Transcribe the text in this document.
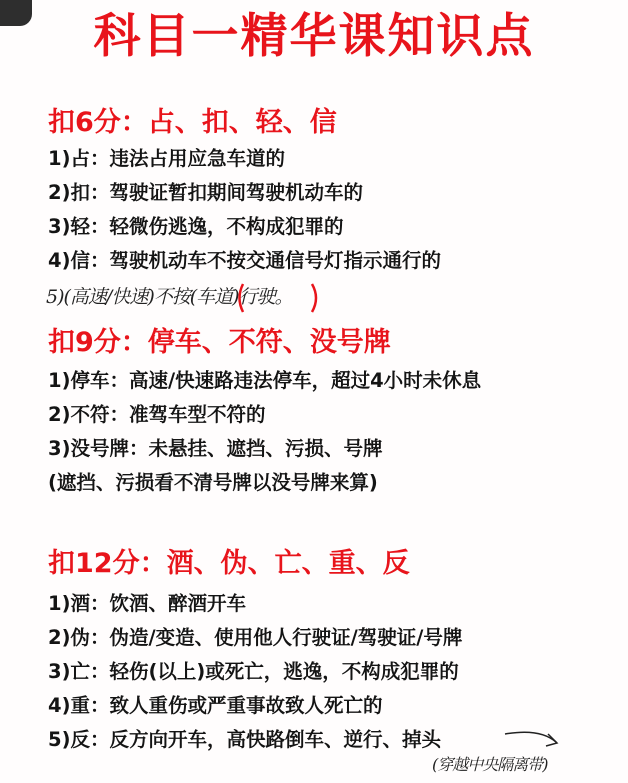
科目一精华课知识点
扣6分：占、扣、轻、信
1)占：违法占用应急车道的
2)扣：驾驶证暂扣期间驾驶机动车的
3)轻：轻微伤逃逸，不构成犯罪的
4)信：驾驶机动车不按交通信号灯指示通行的
5)(高速/快速)不按(车道)行驶。
扣9分：停车、不符、没号牌
1)停车：高速/快速路违法停车，超过4小时未休息
2)不符：准驾车型不符的
3)没号牌：未悬挂、遮挡、污损、号牌
(遮挡、污损看不清号牌以没号牌来算)
扣12分：酒、伪、亡、重、反
1)酒：饮酒、醉酒开车
2)伪：伪造/变造、使用他人行驶证/驾驶证/号牌
3)亡：轻伤(以上)或死亡，逃逸，不构成犯罪的
4)重：致人重伤或严重事故致人死亡的
5)反：反方向开车，高快路倒车、逆行、掉头
(穿越中央隔离带)
